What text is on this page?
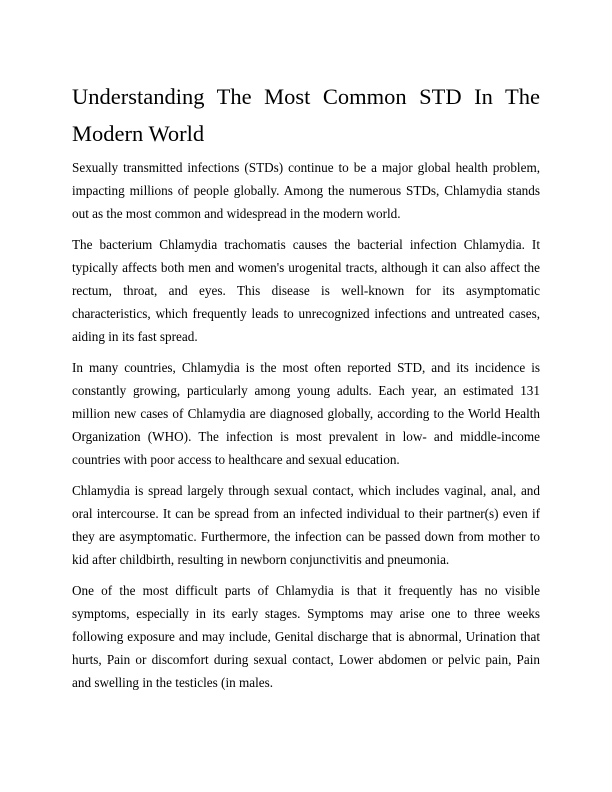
Understanding The Most Common STD In The Modern World

Sexually transmitted infections (STDs) continue to be a major global health problem, impacting millions of people globally. Among the numerous STDs, Chlamydia stands out as the most common and widespread in the modern world.

The bacterium Chlamydia trachomatis causes the bacterial infection Chlamydia. It typically affects both men and women's urogenital tracts, although it can also affect the rectum, throat, and eyes. This disease is well-known for its asymptomatic characteristics, which frequently leads to unrecognized infections and untreated cases, aiding in its fast spread.

In many countries, Chlamydia is the most often reported STD, and its incidence is constantly growing, particularly among young adults. Each year, an estimated 131 million new cases of Chlamydia are diagnosed globally, according to the World Health Organization (WHO). The infection is most prevalent in low- and middle-income countries with poor access to healthcare and sexual education.

Chlamydia is spread largely through sexual contact, which includes vaginal, anal, and oral intercourse. It can be spread from an infected individual to their partner(s) even if they are asymptomatic. Furthermore, the infection can be passed down from mother to kid after childbirth, resulting in newborn conjunctivitis and pneumonia.

One of the most difficult parts of Chlamydia is that it frequently has no visible symptoms, especially in its early stages. Symptoms may arise one to three weeks following exposure and may include, Genital discharge that is abnormal, Urination that hurts, Pain or discomfort during sexual contact, Lower abdomen or pelvic pain, Pain and swelling in the testicles (in males.
